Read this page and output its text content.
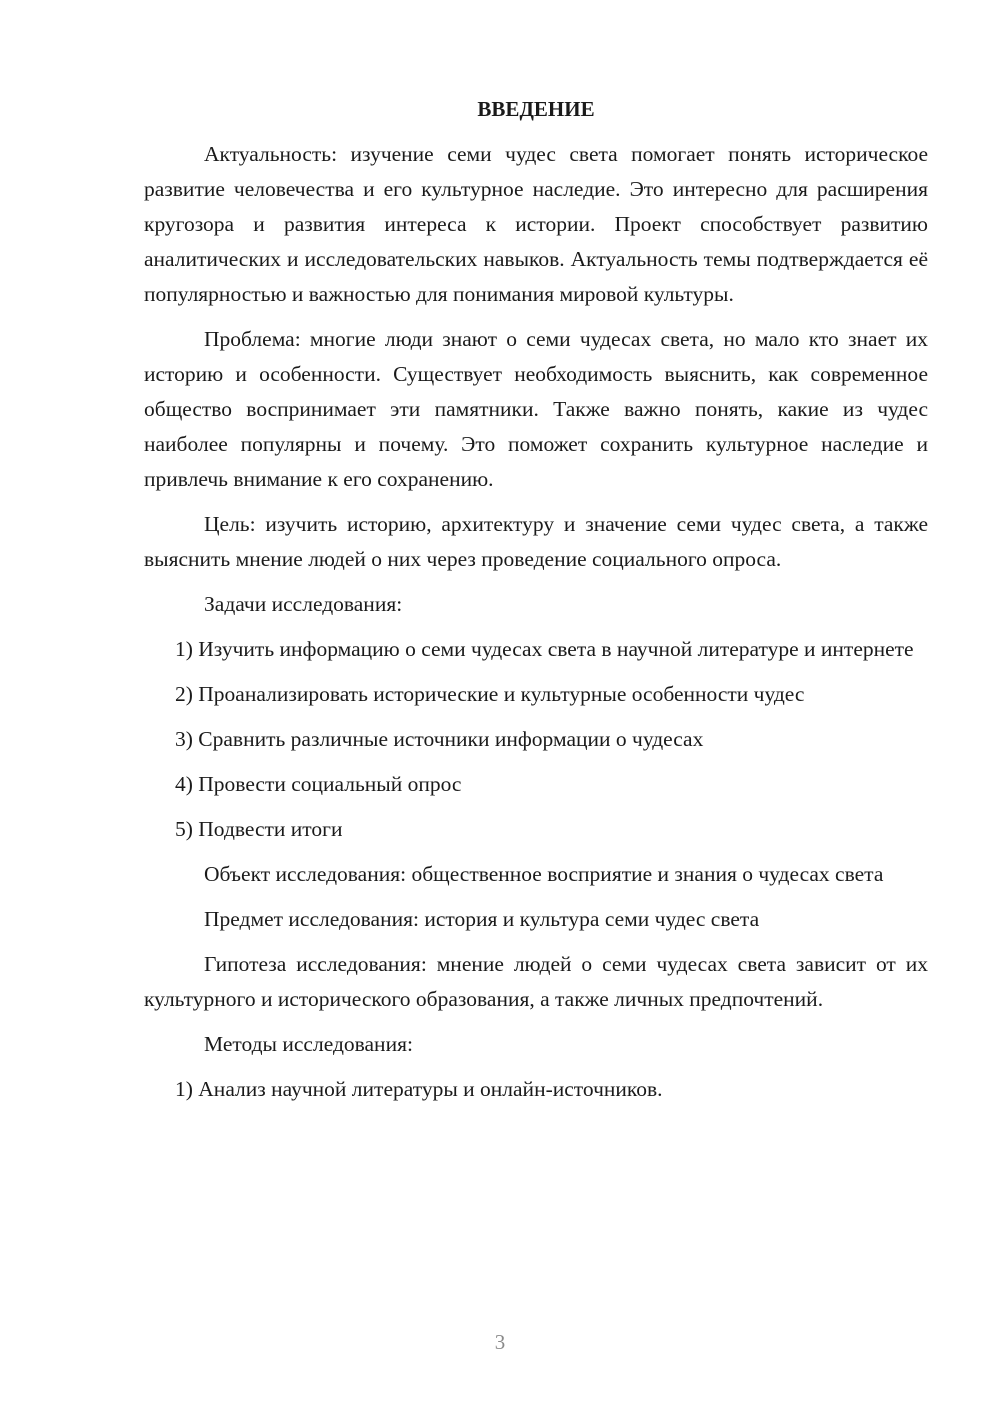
ВВЕДЕНИЕ

Актуальность: изучение семи чудес света помогает понять историческое развитие человечества и его культурное наследие. Это интересно для расширения кругозора и развития интереса к истории. Проект способствует развитию аналитических и исследовательских навыков. Актуальность темы подтверждается её популярностью и важностью для понимания мировой культуры.

Проблема: многие люди знают о семи чудесах света, но мало кто знает их историю и особенности. Существует необходимость выяснить, как современное общество воспринимает эти памятники. Также важно понять, какие из чудес наиболее популярны и почему. Это поможет сохранить культурное наследие и привлечь внимание к его сохранению.

Цель: изучить историю, архитектуру и значение семи чудес света, а также выяснить мнение людей о них через проведение социального опроса.

Задачи исследования:

1) Изучить информацию о семи чудесах света в научной литературе и интернете

2) Проанализировать исторические и культурные особенности чудес

3) Сравнить различные источники информации о чудесах

4) Провести социальный опрос

5) Подвести итоги

Объект исследования: общественное восприятие и знания о чудесах света

Предмет исследования: история и культура семи чудес света

Гипотеза исследования: мнение людей о семи чудесах света зависит от их культурного и исторического образования, а также личных предпочтений.

Методы исследования:

1) Анализ научной литературы и онлайн-источников.

3
